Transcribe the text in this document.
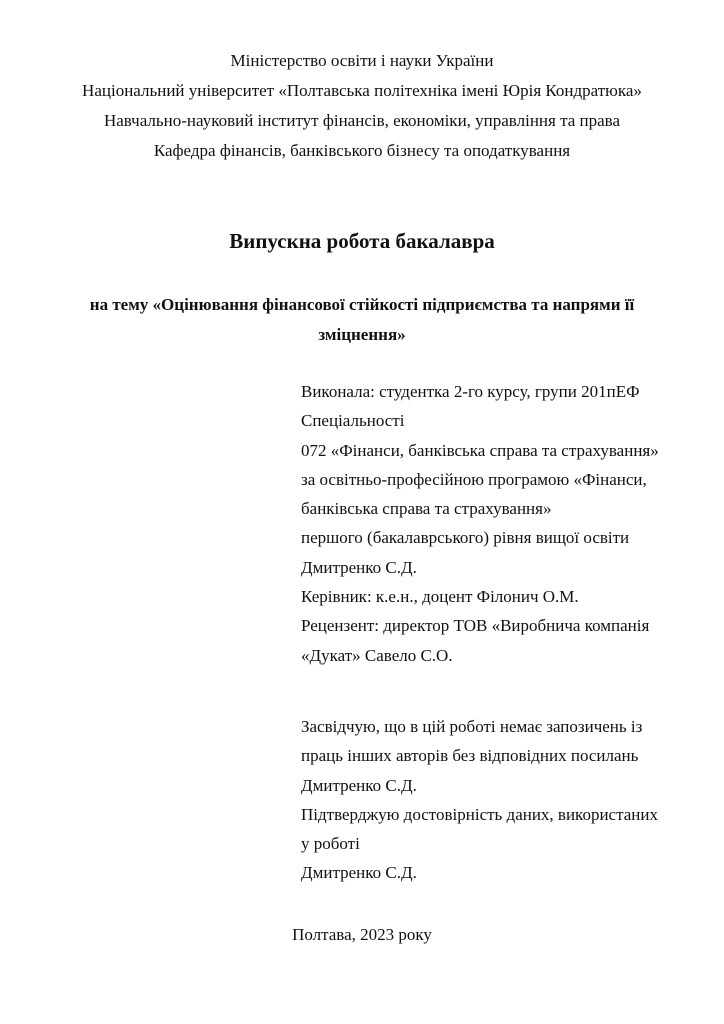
Міністерство освіти і науки України
Національний університет «Полтавська політехніка імені Юрія Кондратюка»
Навчально-науковий інститут фінансів, економіки, управління та права
Кафедра фінансів, банківського бізнесу та оподаткування
Випускна робота бакалавра
на тему «Оцінювання фінансової стійкості підприємства та напрями її
зміцнення»
Виконала: студентка 2-го курсу, групи 201пЕФ
Спеціальності
072 «Фінанси, банківська справа та страхування»
за освітньо-професійною програмою «Фінанси,
банківська справа та страхування»
першого (бакалаврського) рівня вищої освіти
Дмитренко С.Д.
Керівник: к.е.н., доцент Філонич О.М.
Рецензент: директор ТОВ «Виробнича компанія
«Дукат» Савело С.О.
Засвідчую, що в цій роботі немає запозичень із
праць інших авторів без відповідних посилань
Дмитренко С.Д.
Підтверджую достовірність даних, використаних
у роботі
Дмитренко С.Д.
Полтава, 2023 року
